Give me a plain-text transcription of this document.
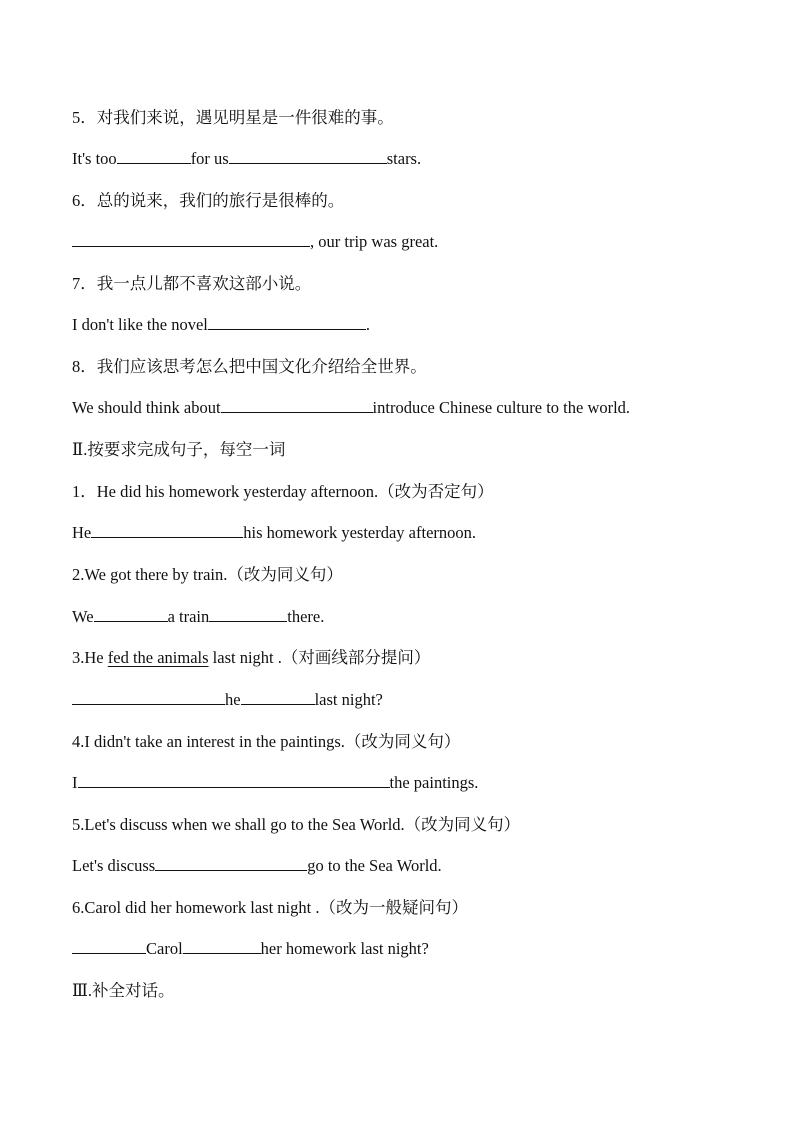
5．对我们来说，遇见明星是一件很难的事。
It's too	for us	stars.
6．总的说来，我们的旅行是很棒的。
, our trip was great.
7．我一点儿都不喜欢这部小说。
I don't like the novel	.
8．我们应该思考怎么把中国文化介绍给全世界。
We should think about	introduce Chinese culture to the world.
Ⅱ.按要求完成句子，每空一词
1．He did his homework yesterday afternoon.（改为否定句）
He	his homework yesterday afternoon.
2.We got there by train.（改为同义句）
We	a train	there.
3.He fed the animals last night .（对画线部分提问）
he	last night?
4.I didn't take an interest in the paintings.（改为同义句）
I	the paintings.
5.Let's discuss when we shall go to the Sea World.（改为同义句）
Let's discuss	go to the Sea World.
6.Carol did her homework last night .（改为一般疑问句）
Carol	her homework last night?
Ⅲ.补全对话。
